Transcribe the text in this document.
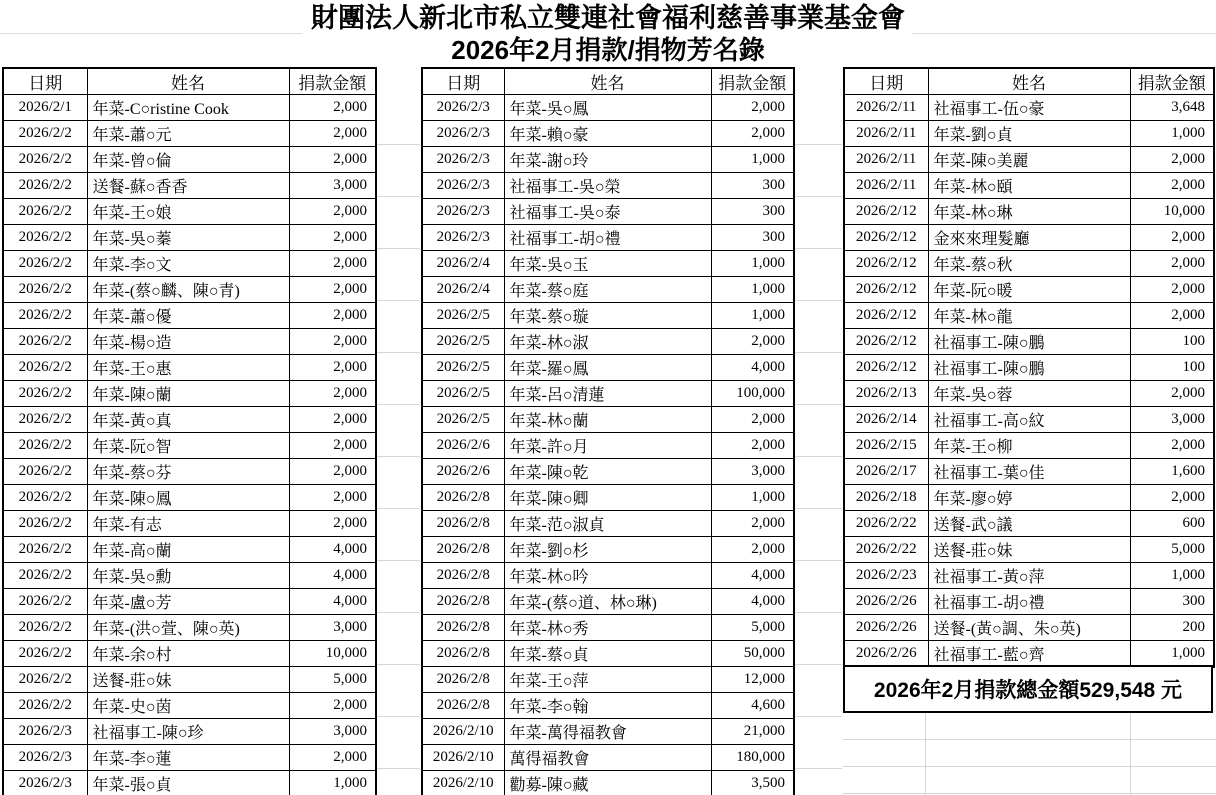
財團法人新北市私立雙連社會福利慈善事業基金會
2026年2月捐款/捐物芳名錄
日期	姓名	捐款金額
2026/2/1	年菜-C○ristine Cook	2,000
2026/2/2	年菜-蕭○元	2,000
2026/2/2	年菜-曾○倫	2,000
2026/2/2	送餐-蘇○香香	3,000
2026/2/2	年菜-王○娘	2,000
2026/2/2	年菜-吳○蓁	2,000
2026/2/2	年菜-李○文	2,000
2026/2/2	年菜-(蔡○麟、陳○青)	2,000
2026/2/2	年菜-蕭○優	2,000
2026/2/2	年菜-楊○造	2,000
2026/2/2	年菜-王○惠	2,000
2026/2/2	年菜-陳○蘭	2,000
2026/2/2	年菜-黃○真	2,000
2026/2/2	年菜-阮○智	2,000
2026/2/2	年菜-蔡○芬	2,000
2026/2/2	年菜-陳○鳳	2,000
2026/2/2	年菜-有志	2,000
2026/2/2	年菜-高○蘭	4,000
2026/2/2	年菜-吳○勳	4,000
2026/2/2	年菜-盧○芳	4,000
2026/2/2	年菜-(洪○萱、陳○英)	3,000
2026/2/2	年菜-余○村	10,000
2026/2/2	送餐-莊○妹	5,000
2026/2/2	年菜-史○茵	2,000
2026/2/3	社福事工-陳○珍	3,000
2026/2/3	年菜-李○蓮	2,000
2026/2/3	年菜-張○貞	1,000
日期	姓名	捐款金額
2026/2/3	年菜-吳○鳳	2,000
2026/2/3	年菜-賴○豪	2,000
2026/2/3	年菜-謝○玲	1,000
2026/2/3	社福事工-吳○榮	300
2026/2/3	社福事工-吳○泰	300
2026/2/3	社福事工-胡○禮	300
2026/2/4	年菜-吳○玉	1,000
2026/2/4	年菜-蔡○庭	1,000
2026/2/5	年菜-蔡○璇	1,000
2026/2/5	年菜-林○淑	2,000
2026/2/5	年菜-羅○鳳	4,000
2026/2/5	年菜-呂○清蓮	100,000
2026/2/5	年菜-林○蘭	2,000
2026/2/6	年菜-許○月	2,000
2026/2/6	年菜-陳○乾	3,000
2026/2/8	年菜-陳○卿	1,000
2026/2/8	年菜-范○淑貞	2,000
2026/2/8	年菜-劉○杉	2,000
2026/2/8	年菜-林○吟	4,000
2026/2/8	年菜-(蔡○道、林○琳)	4,000
2026/2/8	年菜-林○秀	5,000
2026/2/8	年菜-蔡○貞	50,000
2026/2/8	年菜-王○萍	12,000
2026/2/8	年菜-李○翰	4,600
2026/2/10	年菜-萬得福教會	21,000
2026/2/10	萬得福教會	180,000
2026/2/10	勸募-陳○藏	3,500
日期	姓名	捐款金額
2026/2/11	社福事工-伍○豪	3,648
2026/2/11	年菜-劉○貞	1,000
2026/2/11	年菜-陳○美麗	2,000
2026/2/11	年菜-林○頤	2,000
2026/2/12	年菜-林○琳	10,000
2026/2/12	金來來理髮廳	2,000
2026/2/12	年菜-蔡○秋	2,000
2026/2/12	年菜-阮○暖	2,000
2026/2/12	年菜-林○龍	2,000
2026/2/12	社福事工-陳○鵬	100
2026/2/12	社福事工-陳○鵬	100
2026/2/13	年菜-吳○蓉	2,000
2026/2/14	社福事工-高○紋	3,000
2026/2/15	年菜-王○柳	2,000
2026/2/17	社福事工-葉○佳	1,600
2026/2/18	年菜-廖○婷	2,000
2026/2/22	送餐-武○議	600
2026/2/22	送餐-莊○妹	5,000
2026/2/23	社福事工-黃○萍	1,000
2026/2/26	社福事工-胡○禮	300
2026/2/26	送餐-(黃○調、朱○英)	200
2026/2/26	社福事工-藍○齊	1,000
2026年2月捐款總金額529,548 元
